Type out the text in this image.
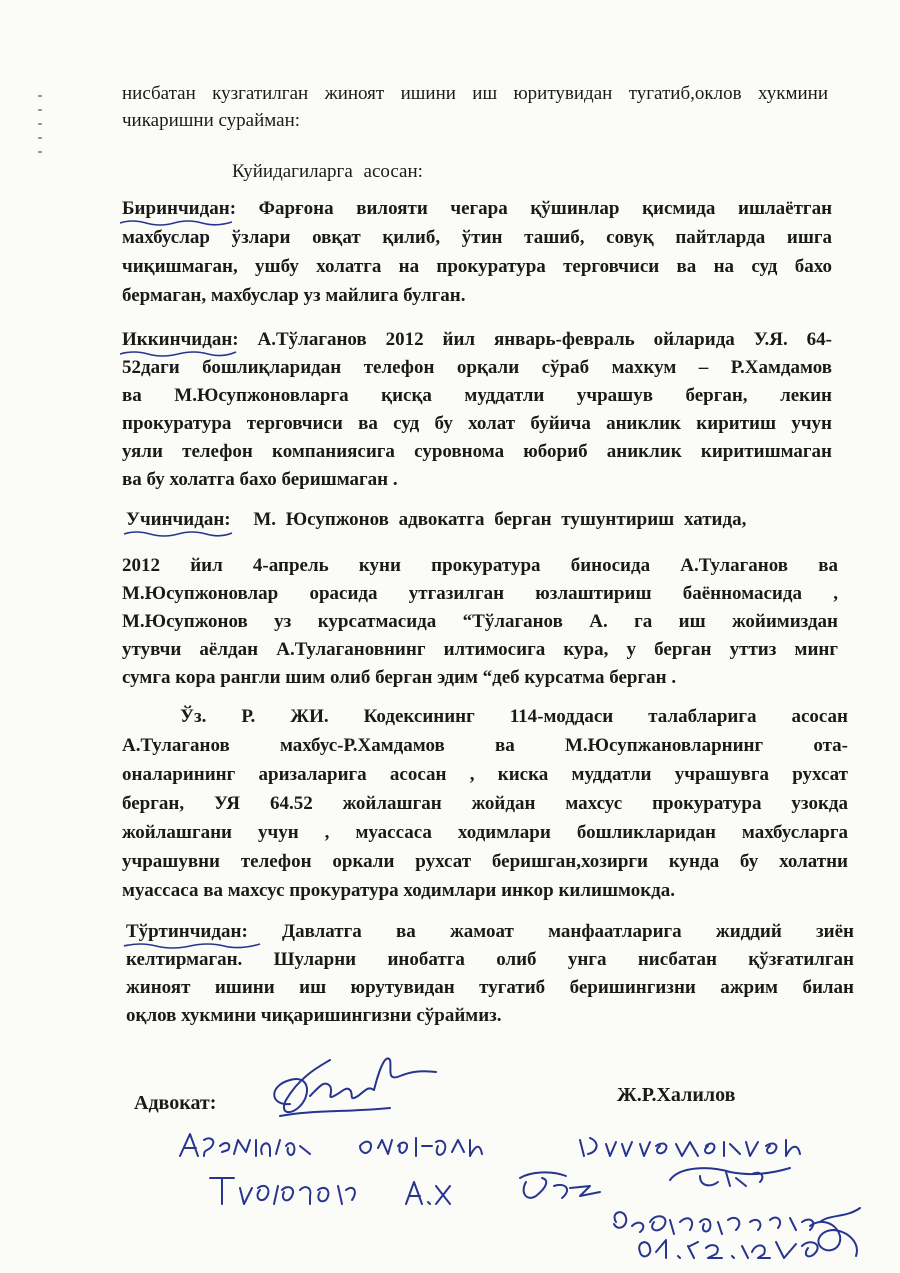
нисбатан кузгатилган жиноят ишини иш юритувидан тугатиб,оклов хукмини
чикаришни сурайман:
Куйидагиларга асосан:
Биринчидан: Фарғона вилояти чегара қўшинлар қисмида ишлаётган
махбуслар ўзлари овқат қилиб, ўтин ташиб, совуқ пайтларда ишга
чиқишмаган, ушбу холатга на прокуратура терговчиси ва на суд бахо
бермаган, махбуслар уз майлига булган.
Иккинчидан: А.Тўлаганов 2012 йил январь-февраль ойларида У.Я. 64-
52даги бошлиқларидан телефон орқали сўраб махкум – Р.Хамдамов
ва М.Юсупжоновларга қисқа муддатли учрашув берган, лекин
прокуратура терговчиси ва суд бу холат буйича аниклик киритиш учун
уяли телефон компаниясига суровнома юбориб аниклик киритишмаган
ва бу холатга бахо беришмаган .
Учинчидан: М. Юсупжонов адвокатга берган тушунтириш хатида,
2012 йил 4-апрель куни прокуратура биносида А.Тулаганов ва
М.Юсупжоновлар орасида утгазилган юзлаштириш баённомасида ,
М.Юсупжонов уз курсатмасида “Тўлаганов А. га иш жойимиздан
утувчи аёлдан А.Тулагановнинг илтимосига кура, у берган уттиз минг
сумга кора рангли шим олиб берган эдим “деб курсатма берган .
Ўз. Р. ЖИ. Кодексининг 114-моддаси талабларига асосан
А.Тулаганов махбус-Р.Хамдамов ва М.Юсупжановларнинг ота-
оналарининг аризаларига асосан , киска муддатли учрашувга рухсат
берган, УЯ 64.52 жойлашган жойдан махсус прокуратура узокда
жойлашгани учун , муассаса ходимлари бошликларидан махбусларга
учрашувни телефон оркали рухсат беришган,хозирги кунда бу холатни
муассаса ва махсус прокуратура ходимлари инкор килишмокда.
Тўртинчидан: Давлатга ва жамоат манфаатларига жиддий зиён
келтирмаган. Шуларни инобатга олиб унга нисбатан қўзғатилган
жиноят ишини иш юрутувидан тугатиб беришингизни ажрим билан
оқлов хукмини чиқаришингизни сўраймиз.
Адвокат:	Ж.Р.Халилов
